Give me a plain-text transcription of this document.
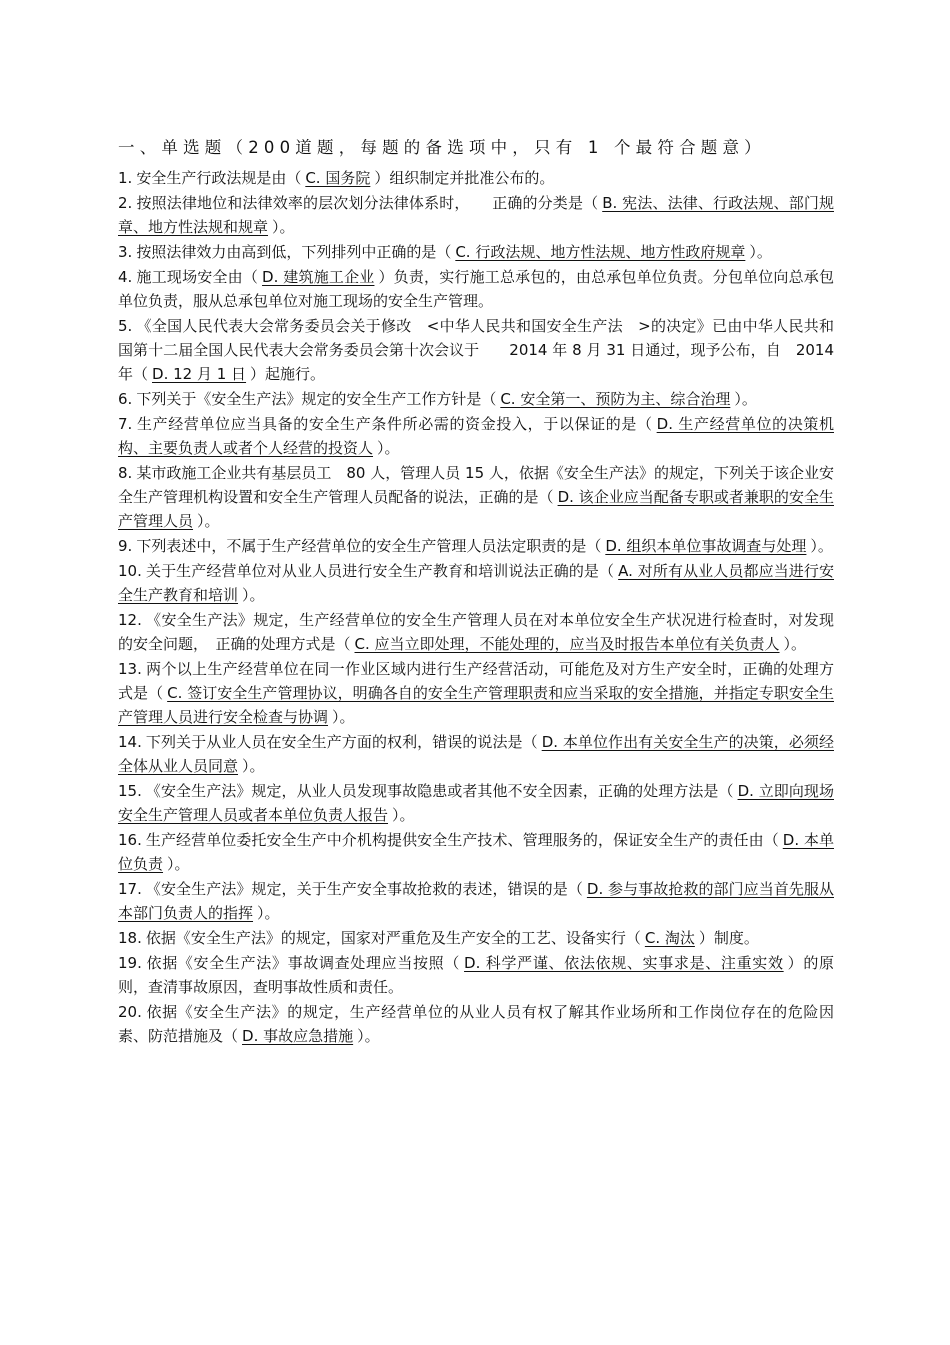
一、单选题（200道题，每题的备选项中，只有 1 个最符合题意）
1. 安全生产行政法规是由（ C. 国务院 ）组织制定并批准公布的。
2. 按照法律地位和法律效率的层次划分法律体系时，　　正确的分类是（ B. 宪法、法律、行政法规、部门规章、地方性法规和规章 ）。
3. 按照法律效力由高到低，下列排列中正确的是（ C. 行政法规、地方性法规、地方性政府规章 ）。
4. 施工现场安全由（ D. 建筑施工企业 ）负责，实行施工总承包的，由总承包单位负责。分包单位向总承包单位负责，服从总承包单位对施工现场的安全生产管理。
5. 《全国人民代表大会常务委员会关于修改　<中华人民共和国安全生产法　>的决定》已由中华人民共和国第十二届全国人民代表大会常务委员会第十次会议于　　2014 年 8 月 31 日通过，现予公布，自　2014 年（ D. 12 月 1 日 ）起施行。
6. 下列关于《安全生产法》规定的安全生产工作方针是（ C. 安全第一、预防为主、综合治理 ）。
7. 生产经营单位应当具备的安全生产条件所必需的资金投入，于以保证的是（ D. 生产经营单位的决策机构、主要负责人或者个人经营的投资人 ）。
8. 某市政施工企业共有基层员工　80 人，管理人员 15 人，依据《安全生产法》的规定，下列关于该企业安全生产管理机构设置和安全生产管理人员配备的说法，正确的是（ D. 该企业应当配备专职或者兼职的安全生产管理人员 ）。
9. 下列表述中，不属于生产经营单位的安全生产管理人员法定职责的是（ D. 组织本单位事故调查与处理 ）。
10. 关于生产经营单位对从业人员进行安全生产教育和培训说法正确的是（ A. 对所有从业人员都应当进行安全生产教育和培训 ）。
12. 《安全生产法》规定，生产经营单位的安全生产管理人员在对本单位安全生产状况进行检查时，对发现的安全问题，　正确的处理方式是（ C. 应当立即处理，不能处理的，应当及时报告本单位有关负责人 ）。
13. 两个以上生产经营单位在同一作业区域内进行生产经营活动，可能危及对方生产安全时，正确的处理方式是（ C. 签订安全生产管理协议，明确各自的安全生产管理职责和应当采取的安全措施，并指定专职安全生产管理人员进行安全检查与协调 ）。
14. 下列关于从业人员在安全生产方面的权利，错误的说法是（ D. 本单位作出有关安全生产的决策，必须经全体从业人员同意 ）。
15. 《安全生产法》规定，从业人员发现事故隐患或者其他不安全因素，正确的处理方法是（ D. 立即向现场安全生产管理人员或者本单位负责人报告 ）。
16. 生产经营单位委托安全生产中介机构提供安全生产技术、管理服务的，保证安全生产的责任由（ D. 本单位负责 ）。
17. 《安全生产法》规定，关于生产安全事故抢救的表述，错误的是（ D. 参与事故抢救的部门应当首先服从本部门负责人的指挥 ）。
18. 依据《安全生产法》的规定，国家对严重危及生产安全的工艺、设备实行（ C. 淘汰 ）制度。
19. 依据《安全生产法》事故调查处理应当按照（ D. 科学严谨、依法依规、实事求是、注重实效 ）的原则，查清事故原因，查明事故性质和责任。
20. 依据《安全生产法》的规定，生产经营单位的从业人员有权了解其作业场所和工作岗位存在的危险因素、防范措施及（ D. 事故应急措施 ）。
